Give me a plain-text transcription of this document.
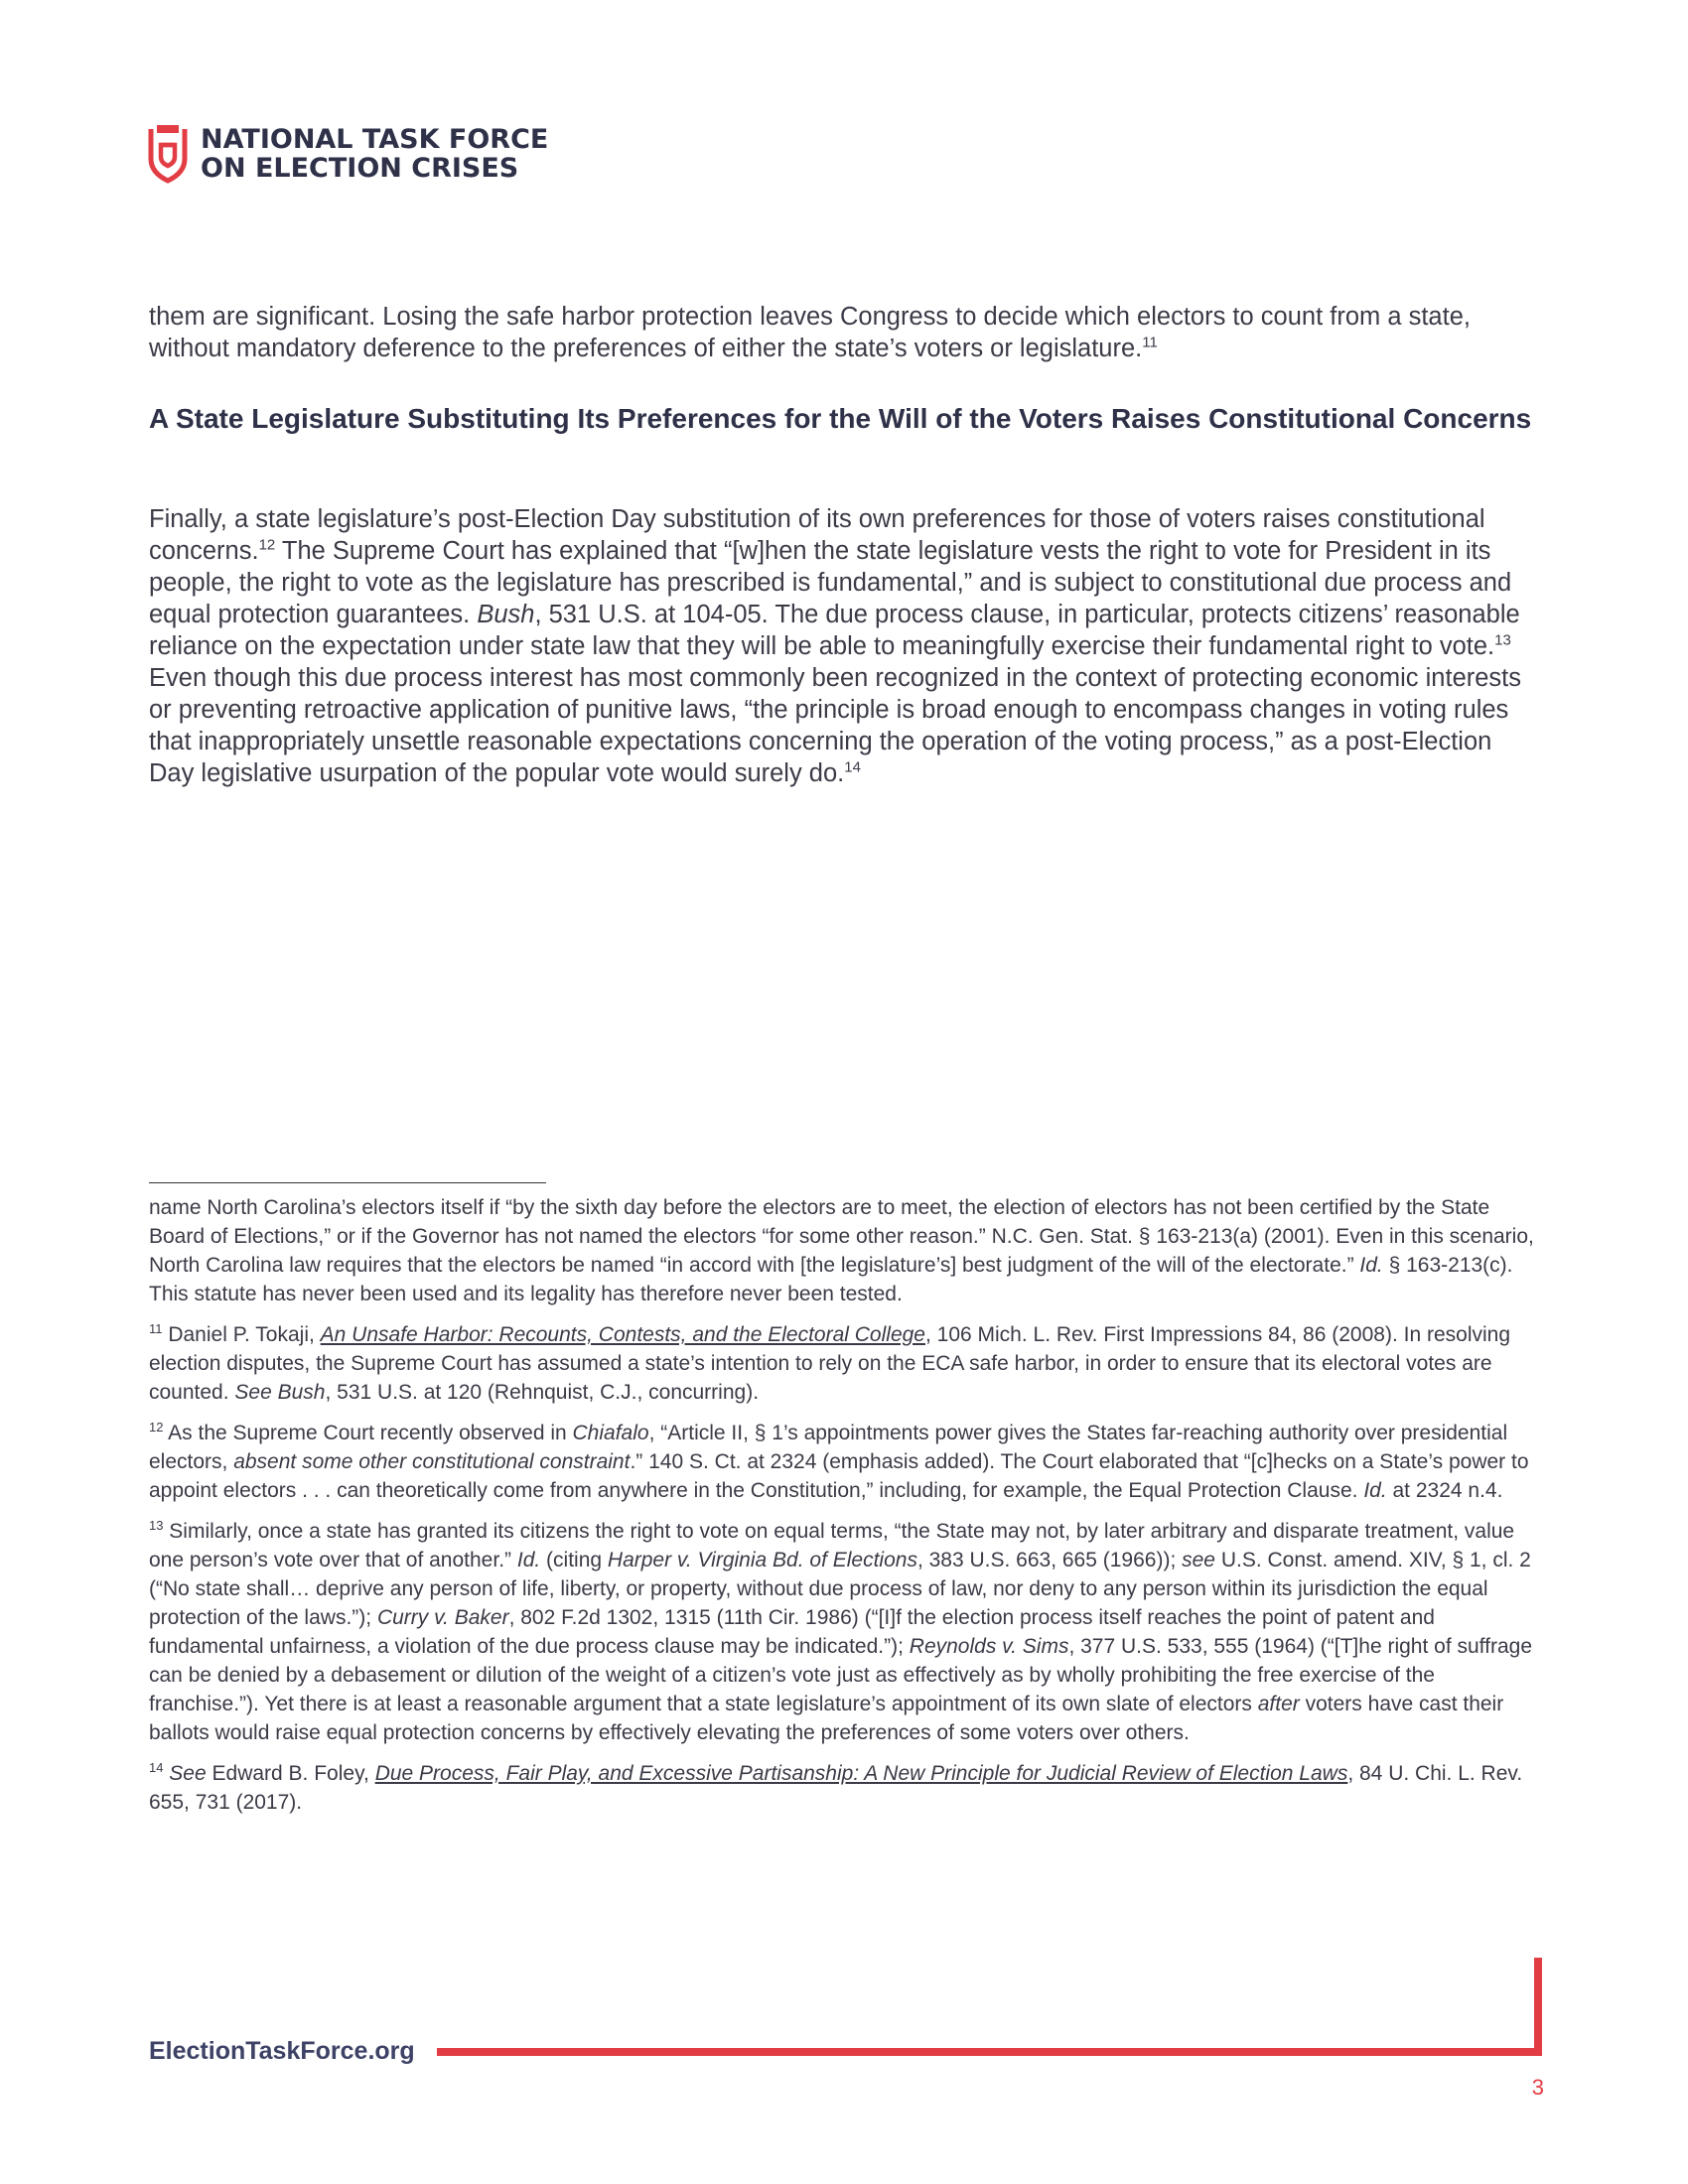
NATIONAL TASK FORCE
ON ELECTION CRISES

them are significant. Losing the safe harbor protection leaves Congress to decide which electors to count from a state, without mandatory deference to the preferences of either the state’s voters or legislature.$^{11}$

A State Legislature Substituting Its Preferences for the Will of the Voters Raises Constitutional Concerns

Finally, a state legislature’s post-Election Day substitution of its own preferences for those of voters raises constitutional concerns.$^{12}$ The Supreme Court has explained that “[w]hen the state legislature vests the right to vote for President in its people, the right to vote as the legislature has prescribed is fundamental,” and is subject to constitutional due process and equal protection guarantees. Bush, 531 U.S. at 104-05. The due process clause, in particular, protects citizens’ reasonable reliance on the expectation under state law that they will be able to meaningfully exercise their fundamental right to vote.$^{13}$ Even though this due process interest has most commonly been recognized in the context of protecting economic interests or preventing retroactive application of punitive laws, “the principle is broad enough to encompass changes in voting rules that inappropriately unsettle reasonable expectations concerning the operation of the voting process,” as a post-Election Day legislative usurpation of the popular vote would surely do.$^{14}$

name North Carolina’s electors itself if “by the sixth day before the electors are to meet, the election of electors has not been certified by the State Board of Elections,” or if the Governor has not named the electors “for some other reason.” N.C. Gen. Stat. § 163-213(a) (2001). Even in this scenario, North Carolina law requires that the electors be named “in accord with [the legislature’s] best judgment of the will of the electorate.” Id. § 163-213(c). This statute has never been used and its legality has therefore never been tested.

$^{11}$ Daniel P. Tokaji, An Unsafe Harbor: Recounts, Contests, and the Electoral College, 106 Mich. L. Rev. First Impressions 84, 86 (2008). In resolving election disputes, the Supreme Court has assumed a state’s intention to rely on the ECA safe harbor, in order to ensure that its electoral votes are counted. See Bush, 531 U.S. at 120 (Rehnquist, C.J., concurring).

$^{12}$ As the Supreme Court recently observed in Chiafalo, “Article II, § 1’s appointments power gives the States far-reaching authority over presidential electors, absent some other constitutional constraint.” 140 S. Ct. at 2324 (emphasis added). The Court elaborated that “[c]hecks on a State’s power to appoint electors . . . can theoretically come from anywhere in the Constitution,” including, for example, the Equal Protection Clause. Id. at 2324 n.4.

$^{13}$ Similarly, once a state has granted its citizens the right to vote on equal terms, “the State may not, by later arbitrary and disparate treatment, value one person’s vote over that of another.” Id. (citing Harper v. Virginia Bd. of Elections, 383 U.S. 663, 665 (1966)); see U.S. Const. amend. XIV, § 1, cl. 2 (“No state shall… deprive any person of life, liberty, or property, without due process of law, nor deny to any person within its jurisdiction the equal protection of the laws.”); Curry v. Baker, 802 F.2d 1302, 1315 (11th Cir. 1986) (“[I]f the election process itself reaches the point of patent and fundamental unfairness, a violation of the due process clause may be indicated.”); Reynolds v. Sims, 377 U.S. 533, 555 (1964) (“[T]he right of suffrage can be denied by a debasement or dilution of the weight of a citizen’s vote just as effectively as by wholly prohibiting the free exercise of the franchise.”). Yet there is at least a reasonable argument that a state legislature’s appointment of its own slate of electors after voters have cast their ballots would raise equal protection concerns by effectively elevating the preferences of some voters over others.

$^{14}$ See Edward B. Foley, Due Process, Fair Play, and Excessive Partisanship: A New Principle for Judicial Review of Election Laws, 84 U. Chi. L. Rev. 655, 731 (2017).

ElectionTaskForce.org
3
